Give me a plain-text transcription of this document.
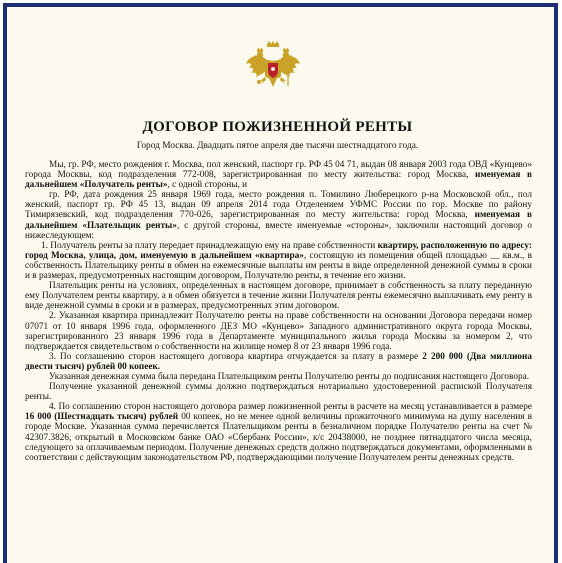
ДОГОВОР ПОЖИЗНЕННОЙ РЕНТЫ
Город Москва. Двадцать пятое апреля две тысячи шестнадцатого года.
Мы, гр. РФ, место рождения г. Москва, пол женский, паспорт гр. РФ 45 04 71, выдан 08 января 2003 года ОВД «Кунцево» города Москвы, код подразделения 772-008, зарегистрированная по месту жительства: город Москва, именуемая в дальнейшем «Получатель ренты», с одной стороны, и
гр. РФ, дата рождения 25 января 1969 года, место рождения п. Томилино Люберецкого р-на Московской обл., пол женский, паспорт гр. РФ 45 13, выдан 09 апреля 2014 года Отделением УФМС России по гор. Москве по району Тимирязевский, код подразделения 770-026, зарегистрированная по месту жительства: город Москва, именуемая в дальнейшем «Плательщик ренты», с другой стороны, вместе именуемые «стороны», заключили настоящий договор о нижеследующем:
1. Получатель ренты за плату передает принадлежащую ему на праве собственности квартиру, расположенную по адресу: город Москва, улица, дом, именуемую в дальнейшем «квартира», состоящую из помещения общей площадью __ кв.м., в собственность Плательщику ренты в обмен на ежемесячные выплаты им ренты в виде определенной денежной суммы в сроки и в размерах, предусмотренных настоящим договором, Получателю ренты, в течение его жизни.
Плательщик ренты на условиях, определенных в настоящем договоре, принимает в собственность за плату переданную ему Получателем ренты квартиру, а в обмен обязуется в течение жизни Получателя ренты ежемесячно выплачивать ему ренту в виде денежной суммы в сроки и в размерах, предусмотренных этим договором.
2. Указанная квартира принадлежит Получателю ренты на праве собственности на основании Договора передачи номер 07071 от 10 января 1996 года, оформленного ДЕЗ МО «Кунцево» Западного административного округа города Москвы, зарегистрированного 23 января 1996 года в Департаменте муниципального жилья города Москвы за номером 2, что подтверждается свидетельством о собственности на жилище номер 8 от 23 января 1996 года.
3. По соглашению сторон настоящего договора квартира отчуждается за плату в размере 2 200 000 (Два миллиона двести тысяч) рублей 00 копеек.
Указанная денежная сумма была передана Плательщиком ренты Получателю ренты до подписания настоящего Договора.
Получение указанной денежной суммы должно подтверждаться нотариально удостоверенной распиской Получателя ренты.
4. По соглашению сторон настоящего договора размер пожизненной ренты в расчете на месяц устанавливается в размере 16 000 (Шестнадцать тысяч) рублей 00 копеек, но не менее одной величины прожиточного минимума на душу населения в городе Москве. Указанная сумма перечисляется Плательщиком ренты в безналичном порядке Получателю ренты на счет № 42307.3826, открытый в Московском банке ОАО «Сбербанк России», к/с 20438000, не позднее пятнадцатого числа месяца, следующего за оплачиваемым периодом. Получение денежных средств должно подтверждаться документами, оформленными в соответствии с действующим законодательством РФ, подтверждающими получение Получателем ренты денежных средств.
